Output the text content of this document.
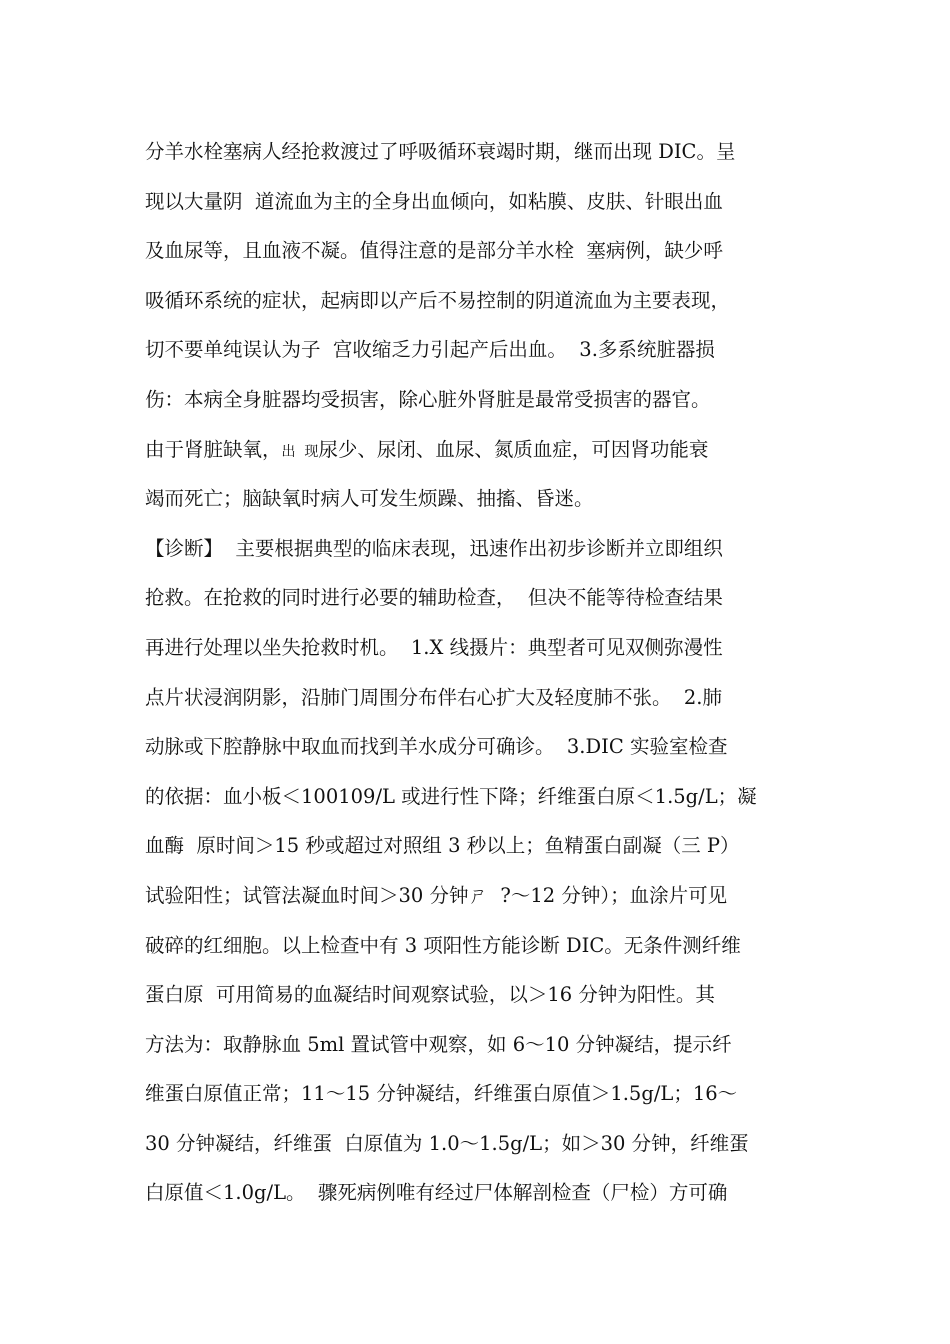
分羊水栓塞病人经抢救渡过了呼吸循环衰竭时期，继而出现 DIC。呈
现以大量阴  道流血为主的全身出血倾向，如粘膜、皮肤、针眼出血
及血尿等，且血液不凝。值得注意的是部分羊水栓  塞病例，缺少呼
吸循环系统的症状，起病即以产后不易控制的阴道流血为主要表现，
切不要单纯误认为子  宫收缩乏力引起产后出血。  3.多系统脏器损
伤：本病全身脏器均受损害，除心脏外肾脏是最常受损害的器官。
由于肾脏缺氧，出  现尿少、尿闭、血尿、氮质血症，可因肾功能衰
竭而死亡；脑缺氧时病人可发生烦躁、抽搐、昏迷。
【诊断】  主要根据典型的临床表现，迅速作出初步诊断并立即组织
抢救。在抢救的同时进行必要的辅助检查，  但决不能等待检查结果
再进行处理以坐失抢救时机。  1.X 线摄片：典型者可见双侧弥漫性
点片状浸润阴影，沿肺门周围分布伴右心扩大及轻度肺不张。  2.肺
动脉或下腔静脉中取血而找到羊水成分可确诊。  3.DIC 实验室检查
的依据：血小板＜100109/L 或进行性下降；纤维蛋白原＜1.5g/L；凝
血酶  原时间＞15 秒或超过对照组 3 秒以上；鱼精蛋白副凝（三 P）
试验阳性；试管法凝血时间＞30 分钟ㄕ  ?～12 分钟）；血涂片可见
破碎的红细胞。以上检查中有 3 项阳性方能诊断 DIC。无条件测纤维
蛋白原  可用简易的血凝结时间观察试验，以＞16 分钟为阳性。其
方法为：取静脉血 5ml 置试管中观察，如 6～10 分钟凝结，提示纤
维蛋白原值正常；11～15 分钟凝结，纤维蛋白原值＞1.5g/L；16～
30 分钟凝结，纤维蛋  白原值为 1.0～1.5g/L；如＞30 分钟，纤维蛋
白原值＜1.0g/L。  骤死病例唯有经过尸体解剖检查（尸检）方可确
